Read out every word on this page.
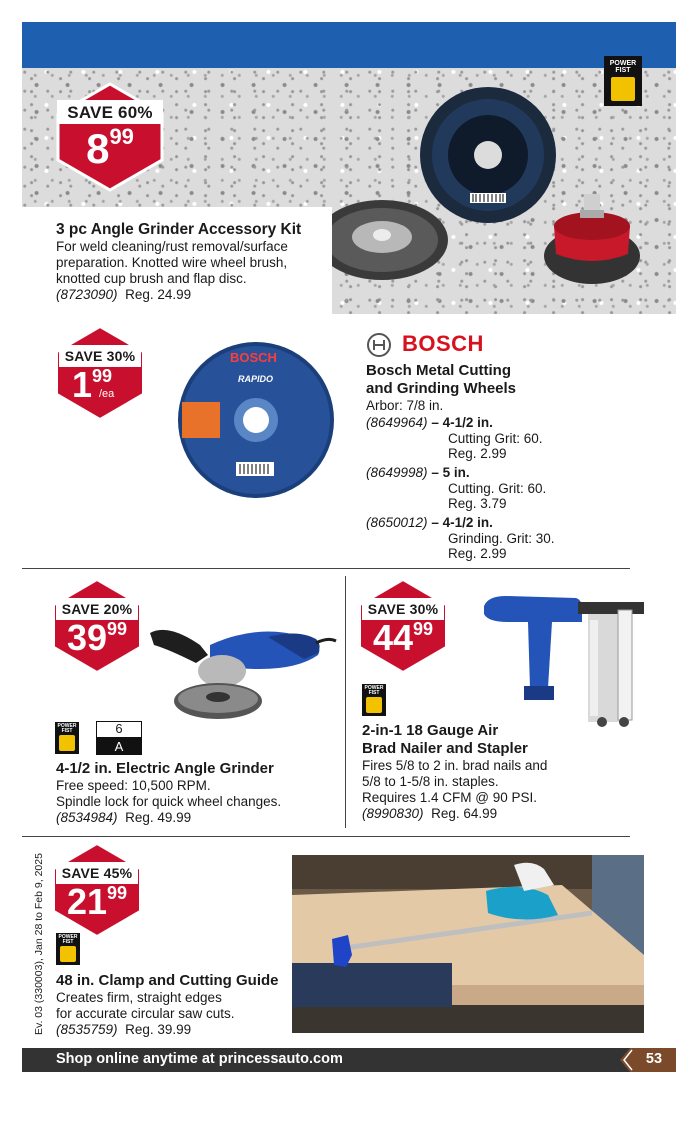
POWER FIST
SAVE 60%
899
3 pc Angle Grinder Accessory Kit
For weld cleaning/rust removal/surface
preparation. Knotted wire wheel brush,
knotted cup brush and flap disc.
(8723090) Reg. 24.99
SAVE 30%
199
/ea
BOSCH
RAPIDO
BOSCH
Bosch Metal Cutting
and Grinding Wheels
Arbor: 7/8 in.
(8649964) – 4-1/2 in.
Cutting Grit: 60.
Reg. 2.99
(8649998) – 5 in.
Cutting. Grit: 60.
Reg. 3.79
(8650012) – 4-1/2 in.
Grinding. Grit: 30.
Reg. 2.99
SAVE 20%
3999
POWER FIST	6
A
4-1/2 in. Electric Angle Grinder
Free speed: 10,500 RPM.
Spindle lock for quick wheel changes.
(8534984) Reg. 49.99
SAVE 30%
4499
POWER FIST
2-in-1 18 Gauge Air
Brad Nailer and Stapler
Fires 5/8 to 2 in. brad nails and
5/8 to 1-5/8 in. staples.
Requires 1.4 CFM @ 90 PSI.
(8990830) Reg. 64.99
SAVE 45%
2199
POWER FIST
48 in. Clamp and Cutting Guide
Creates firm, straight edges
for accurate circular saw cuts.
(8535759) Reg. 39.99
Shop online anytime at princessauto.com	53
Ev. 03 (330003), Jan 28 to Feb 9, 2025
